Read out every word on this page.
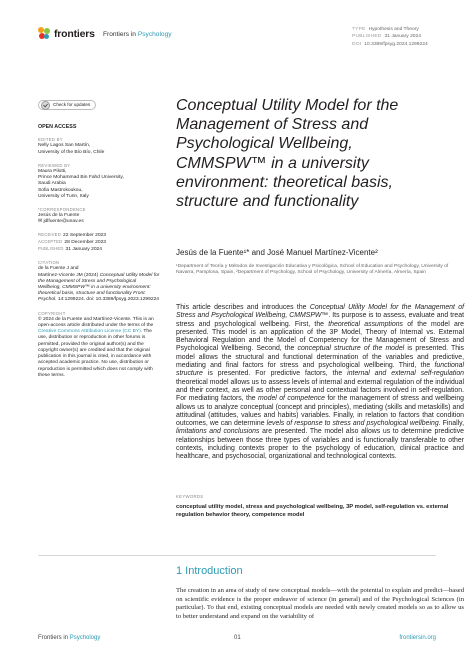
frontiers Frontiers in Psychology
TYPE Hypothesis and Theory
PUBLISHED 31 January 2024
DOI 10.3389/fpsyg.2024.1299224
Check for updates
OPEN ACCESS
EDITED BY
Nelly Lagos San Martín,
University of the Bío Bío, Chile
REVIEWED BY
Maura Pilotti,
Prince Mohammad Bin Fahd University,
Saudi Arabia
Sofia Mastrokoukou,
University of Turin, Italy
*CORRESPONDENCE
Jesús de la Fuente
✉ jdlfuente@unav.es
RECEIVED 22 September 2023
ACCEPTED 28 December 2023
PUBLISHED 31 January 2024
CITATION
de la Fuente J and
Martínez-Vicente JM (2024) Conceptual Utility Model for the Management of Stress and Psychological Wellbeing, CMMSPW™ in a university environment: theoretical basis, structure and functionality Front. Psychol. 14:1299224. doi: 10.3389/fpsyg.2023.1299224
COPYRIGHT
© 2024 de la Fuente and Martínez-Vicente. This is an open-access article distributed under the terms of the Creative Commons Attribution License (CC BY). The use, distribution or reproduction in other forums is permitted, provided the original author(s) and the copyright owner(s) are credited and that the original publication in this journal is cited, in accordance with accepted academic practice. No use, distribution or reproduction is permitted which does not comply with these terms.
Conceptual Utility Model for the Management of Stress and Psychological Wellbeing, CMMSPW™ in a university environment: theoretical basis, structure and functionality
Jesús de la Fuente¹* and José Manuel Martínez-Vicente²
¹Department of Teoría y Métodos de Investigación Educativa y Psicológica, School of Education and Psychology, University of Navarra, Pamplona, Spain, ²Department of Psychology, School of Psychology, University of Almería, Almería, Spain
This article describes and introduces the Conceptual Utility Model for the Management of Stress and Psychological Wellbeing, CMMSPW™. Its purpose is to assess, evaluate and treat stress and psychological wellbeing. First, the theoretical assumptions of the model are presented. This model is an application of the 3P Model, Theory of Internal vs. External Behavioral Regulation and the Model of Competency for the Management of Stress and Psychological Wellbeing. Second, the conceptual structure of the model is presented. This model allows the structural and functional determination of the variables and predictive, mediating and final factors for stress and psychological wellbeing. Third, the functional structure is presented. For predictive factors, the internal and external self-regulation theoretical model allows us to assess levels of internal and external regulation of the individual and their context, as well as other personal and contextual factors involved in self-regulation. For mediating factors, the model of competence for the management of stress and wellbeing allows us to analyze conceptual (concept and principles), mediating (skills and metaskills) and attitudinal (attitudes, values and habits) variables. Finally, in relation to factors that condition outcomes, we can determine levels of response to stress and psychological wellbeing. Finally, limitations and conclusions are presented. The model also allows us to determine predictive relationships between those three types of variables and is functionally transferable to other contexts, including contexts proper to the psychology of education, clinical practice and healthcare, and psychosocial, organizational and technological contexts.
KEYWORDS
conceptual utility model, stress and psychological wellbeing, 3P model, self-regulation vs. external regulation behavior theory, competence model
1 Introduction
The creation in an area of study of new conceptual models—with the potential to explain and predict—based on scientific evidence is the proper endeavor of science (in general) and of the Psychological Sciences (in particular). To that end, existing conceptual models are needed with newly created models so as to allow us to better understand and expand on the variability of
Frontiers in Psychology	01	frontiersin.org
